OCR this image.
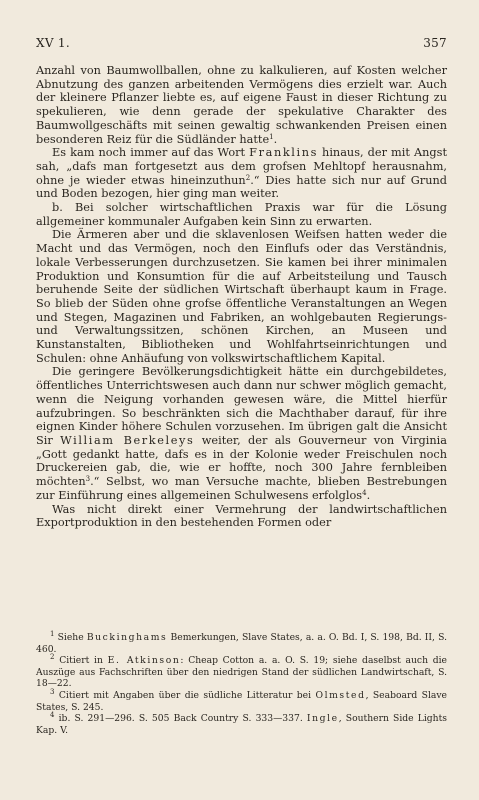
XV 1.	357

Anzahl von Baumwollballen, ohne zu kalkulieren, auf Kosten welcher Abnutzung des ganzen arbeitenden Vermögens dies erzielt war. Auch der kleinere Pflanzer liebte es, auf eigene Faust in dieser Richtung zu spekulieren, wie denn gerade der spekulative Charakter des Baumwollgeschäfts mit seinen gewaltig schwankenden Preisen einen besonderen Reiz für die Südländer hatte$^1$.

Es kam noch immer auf das Wort Franklins hinaus, der mit Angst sah, „dafs man fortgesetzt aus dem grofsen Mehltopf herausnahm, ohne je wieder etwas hineinzuthun$^2$.“ Dies hatte sich nur auf Grund und Boden bezogen, hier ging man weiter.

b. Bei solcher wirtschaftlichen Praxis war für die Lösung allgemeiner kommunaler Aufgaben kein Sinn zu erwarten.

Die Ärmeren aber und die sklavenlosen Weifsen hatten weder die Macht und das Vermögen, noch den Einflufs oder das Verständnis, lokale Verbesserungen durchzusetzen. Sie kamen bei ihrer minimalen Produktion und Konsumtion für die auf Arbeitsteilung und Tausch beruhende Seite der südlichen Wirtschaft überhaupt kaum in Frage. So blieb der Süden ohne grofse öffentliche Veranstaltungen an Wegen und Stegen, Magazinen und Fabriken, an wohlgebauten Regierungs- und Verwaltungssitzen, schönen Kirchen, an Museen und Kunstanstalten, Bibliotheken und Wohlfahrtseinrichtungen und Schulen: ohne Anhäufung von volkswirtschaftlichem Kapital.

Die geringere Bevölkerungsdichtigkeit hätte ein durchgebildetes, öffentliches Unterrichtswesen auch dann nur schwer möglich gemacht, wenn die Neigung vorhanden gewesen wäre, die Mittel hierfür aufzubringen. So beschränkten sich die Machthaber darauf, für ihre eignen Kinder höhere Schulen vorzusehen. Im übrigen galt die Ansicht Sir William Berkeleys weiter, der als Gouverneur von Virginia „Gott gedankt hatte, dafs es in der Kolonie weder Freischulen noch Druckereien gab, die, wie er hoffte, noch 300 Jahre fernbleiben möchten$^3$.“ Selbst, wo man Versuche machte, blieben Bestrebungen zur Einführung eines allgemeinen Schulwesens erfolglos$^4$.

Was nicht direkt einer Vermehrung der landwirtschaftlichen Exportproduktion in den bestehenden Formen oder

$^1$ Siehe Buckinghams Bemerkungen, Slave States, a. a. O. Bd. I, S. 198, Bd. II, S. 460.

$^2$ Citiert in E. Atkinson: Cheap Cotton a. a. O. S. 19; siehe daselbst auch die Auszüge aus Fachschriften über den niedrigen Stand der südlichen Landwirtschaft, S. 18—22.

$^3$ Citiert mit Angaben über die südliche Litteratur bei Olmsted, Seaboard Slave States, S. 245.

$^4$ ib. S. 291—296. S. 505 Back Country S. 333—337. Ingle, Southern Side Lights Kap. V.
